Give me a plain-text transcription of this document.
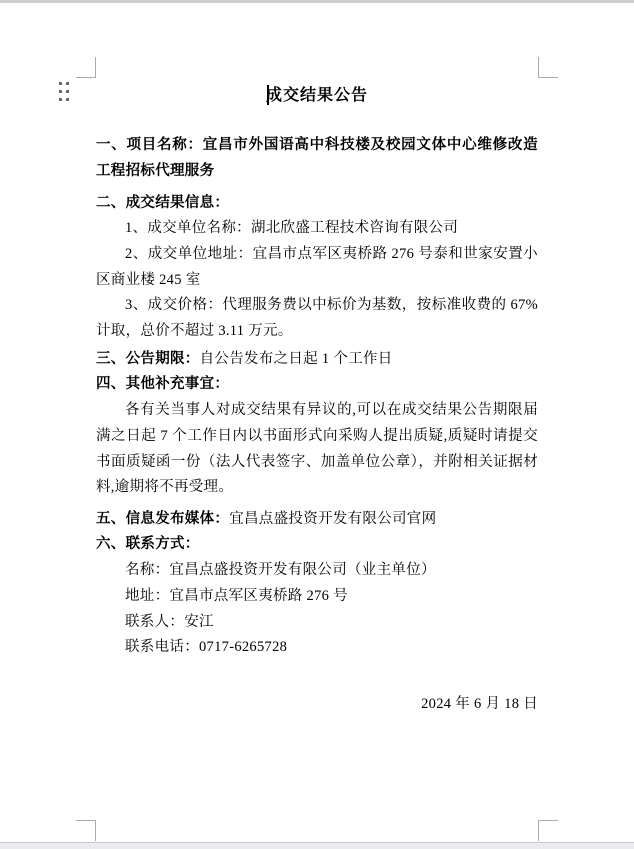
成交结果公告
一、项目名称：宜昌市外国语高中科技楼及校园文体中心维修改造工程招标代理服务
二、成交结果信息：
1、成交单位名称：湖北欣盛工程技术咨询有限公司
2、成交单位地址：宜昌市点军区夷桥路 276 号泰和世家安置小区商业楼 245 室
3、成交价格：代理服务费以中标价为基数，按标准收费的 67%计取，总价不超过 3.11 万元。
三、公告期限：自公告发布之日起 1 个工作日
四、其他补充事宜：
各有关当事人对成交结果有异议的,可以在成交结果公告期限届满之日起 7 个工作日内以书面形式向采购人提出质疑,质疑时请提交书面质疑函一份（法人代表签字、加盖单位公章），并附相关证据材料,逾期将不再受理。
五、信息发布媒体：宜昌点盛投资开发有限公司官网
六、联系方式：
名称：宜昌点盛投资开发有限公司（业主单位）
地址：宜昌市点军区夷桥路 276 号
联系人：安江
联系电话：0717-6265728
2024 年 6 月 18 日
